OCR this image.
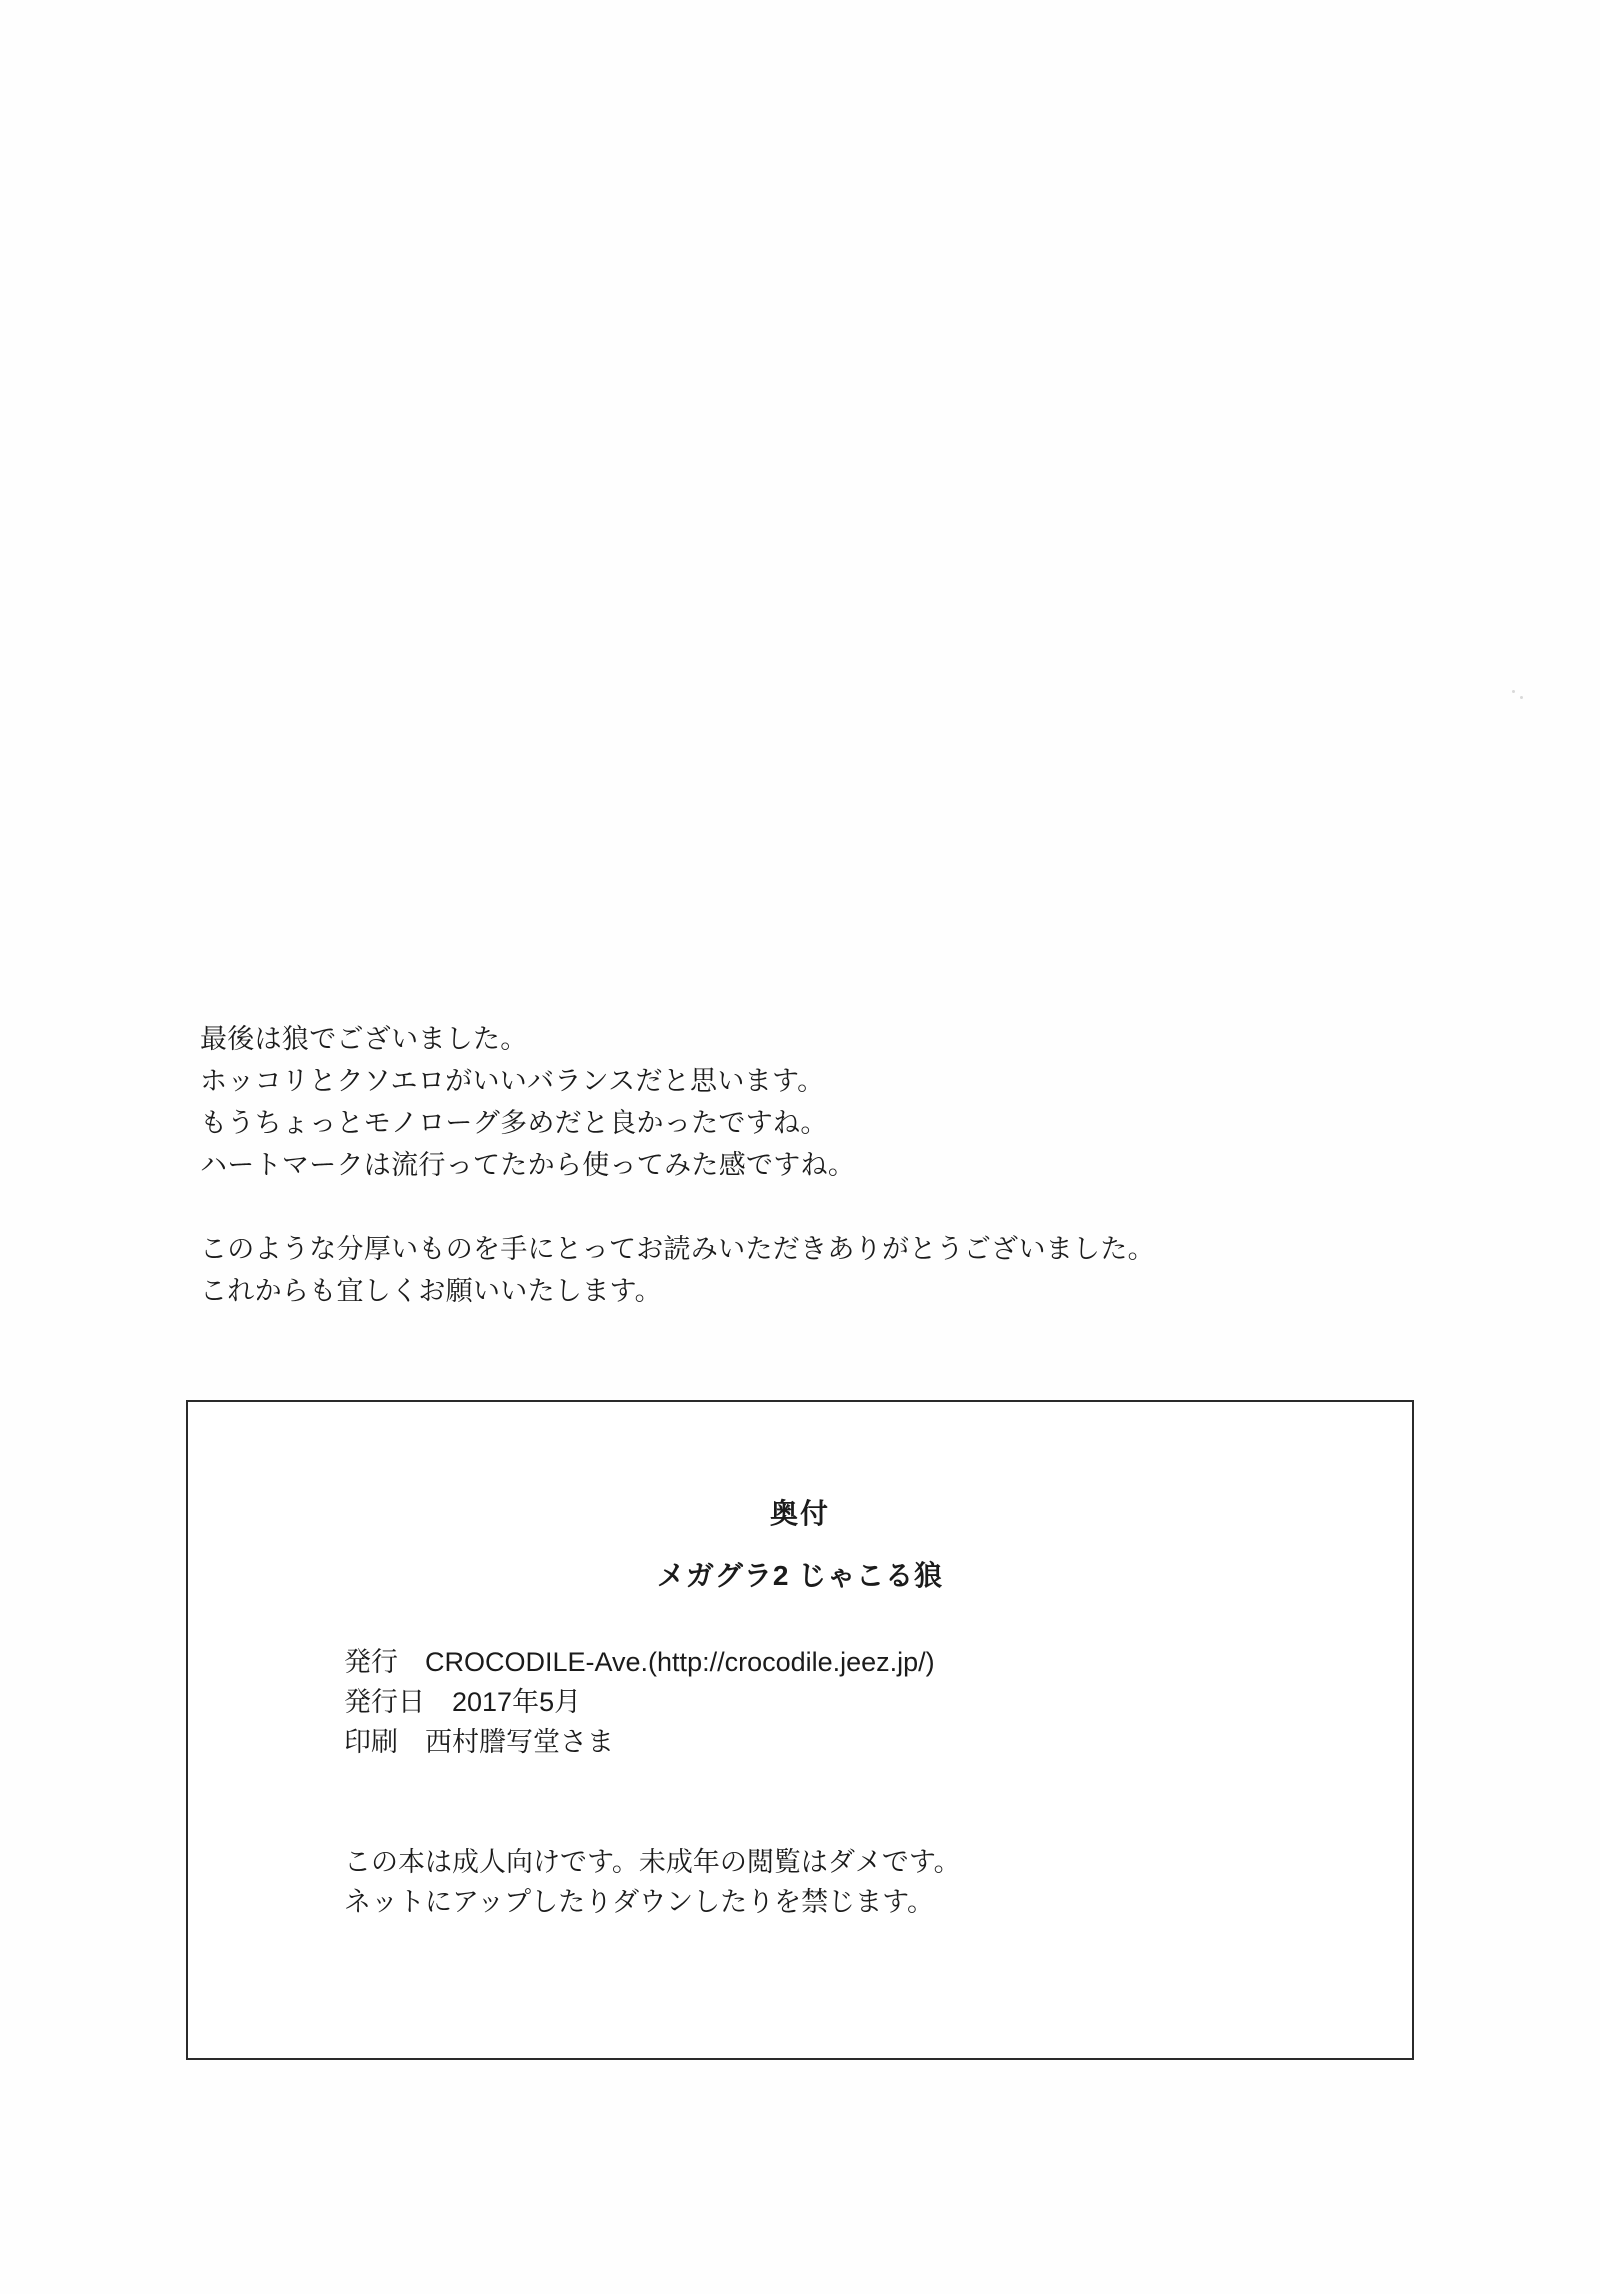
最後は狼でございました。

ホッコリとクソエロがいいバランスだと思います。

もうちょっとモノローグ多めだと良かったですね。

ハートマークは流行ってたから使ってみた感ですね。

このような分厚いものを手にとってお読みいただきありがとうございました。

これからも宜しくお願いいたします。

奥付
メガグラ2 じゃこる狼

発行　CROCODILE-Ave.(http://crocodile.jeez.jp/)

発行日　2017年5月

印刷　西村謄写堂さま

この本は成人向けです。未成年の閲覧はダメです。

ネットにアップしたりダウンしたりを禁じます。
